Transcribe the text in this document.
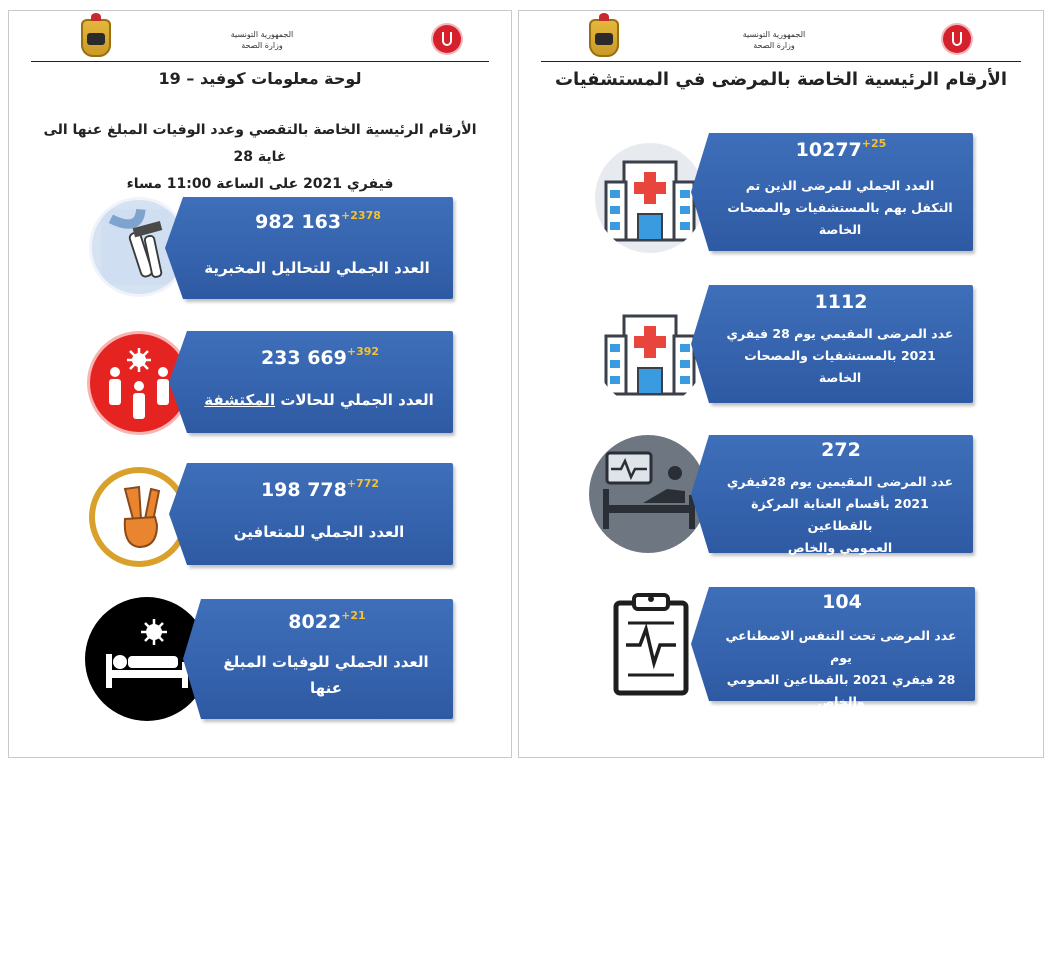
الجمهورية التونسية
وزارة الصحة
لوحة معلومات كوفيد – 19
الأرقام الرئيسية الخاصة بالتقصي وعدد الوفيات المبلغ عنها الى غاية 28
فيفري 2021 على الساعة 11:00 مساء
982 $163^{+2378}$
العدد الجملي للتحاليل المخبرية
233 $669^{+392}$
العدد الجملي للحالات المكتشفة
198 $778^{+772}$
العدد الجملي للمتعافين
$8022^{+21}$
العدد الجملي للوفيات المبلغ
عنها
الجمهورية التونسية
وزارة الصحة
الأرقام الرئيسية الخاصة بالمرضى في المستشفيات
$10277^{+25}$
العدد الجملي للمرضى الذين تم
التكفل بهم بالمستشفيات والمصحات
الخاصة
1112
عدد المرضى المقيمي يوم 28 فيفري
2021 بالمستشفيات والمصحات
الخاصة
272
عدد المرضى المقيمين يوم 28فيفري
2021 بأقسام العناية المركزة بالقطاعين
العمومي والخاص
104
عدد المرضى تحت التنفس الاصطناعي يوم
28 فيفري 2021 بالقطاعين العمومي
والخاص
